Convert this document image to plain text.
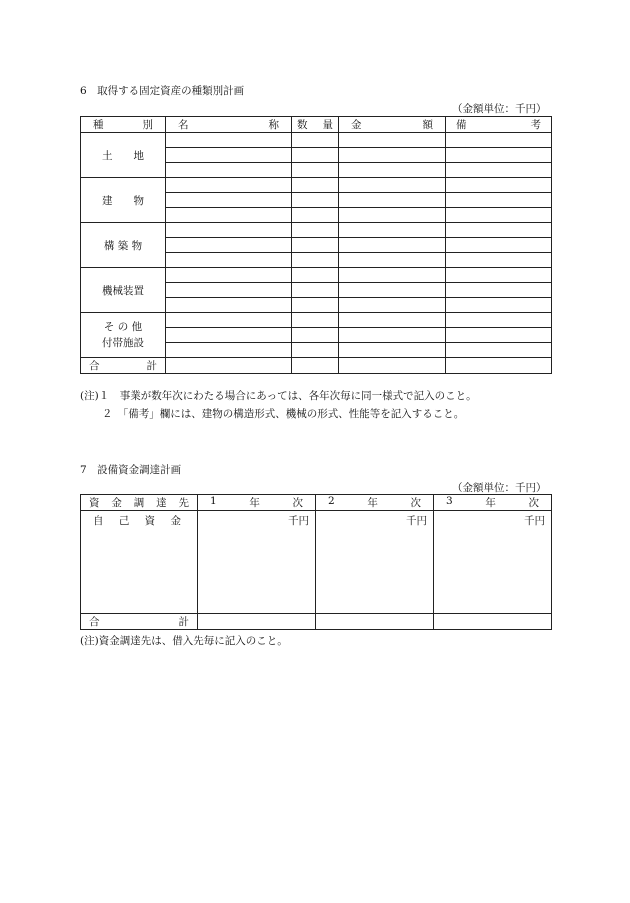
6　取得する固定資産の種類別計画
（金額単位：千円）
種 別	名 称	数 量	金 額	備 考

土　　地				

建　　物				

構 築 物				

機械装置				

そ の 他
付帯施設				

合 計				

(注)１　事業が数年次にわたる場合にあっては、各年次毎に同一様式で記入のこと。
２　「備考」欄には、建物の構造形式、機械の形式、性能等を記入すること。
7　設備資金調達計画
（金額単位：千円）
資 金 調 達 先	1 年 次	2 年 次	3 年 次

自 己 資 金	千円	千円	千円

合 計			

(注)資金調達先は、借入先毎に記入のこと。
